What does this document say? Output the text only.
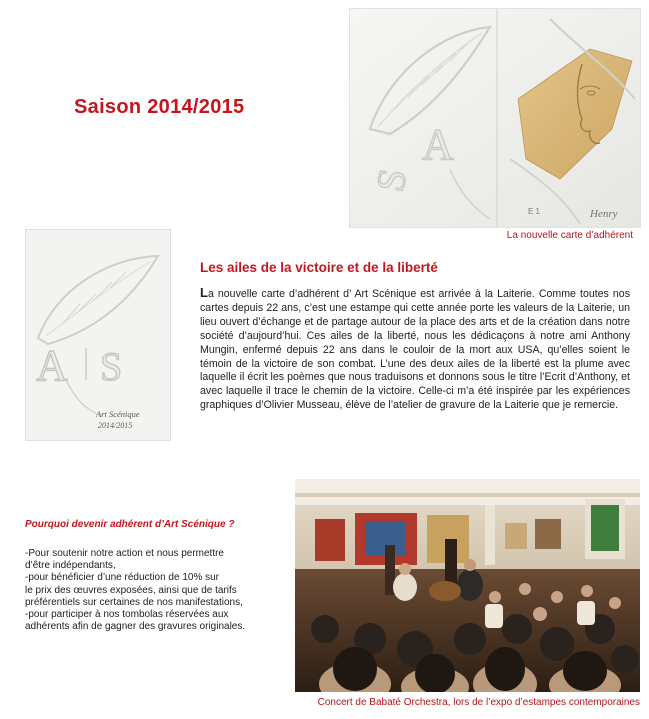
Saison 2014/2015
A
S
E 1	Henry
La nouvelle carte d’adhérent
A S
Art Scénique
2014/2015
Les ailes de la victoire et de la liberté
La nouvelle carte d’adhérent d’ Art Scénique est arrivée à la Laiterie. Comme toutes nos cartes depuis 22 ans, c’est une estampe qui cette année porte les valeurs de la Laiterie, un lieu ouvert d’échange et de partage autour de la place des arts et de la création dans notre société d’aujourd’hui. Ces ailes de la liberté, nous les dédicaçons à notre ami Anthony Mungin, enfermé depuis 22 ans dans le couloir de la mort aux USA, qu’elles soient le témoin de la victoire de son combat. L’une des deux ailes de la liberté est la plume avec laquelle il écrit les poèmes que nous traduisons et donnons sous le titre l’Ecrit d’Anthony, et avec laquelle il trace le chemin de la victoire. Celle-ci m’a été inspirée par les expériences graphiques d’Olivier Musseau, élève de l’atelier de gravure de la Laiterie que je remercie.
Pourquoi devenir adhérent d’Art Scénique ?
-Pour soutenir notre action et nous permettre
d’être indépendants,
-pour bénéficier d’une réduction de 10% sur
le prix des œuvres exposées, ainsi que de tarifs
préférentiels sur certaines de nos manifestations,
-pour participer à nos tombolas réservées aux
adhérents afin de gagner des gravures originales.
Concert de Babaté Orchestra, lors de l’expo d’estampes contemporaines
